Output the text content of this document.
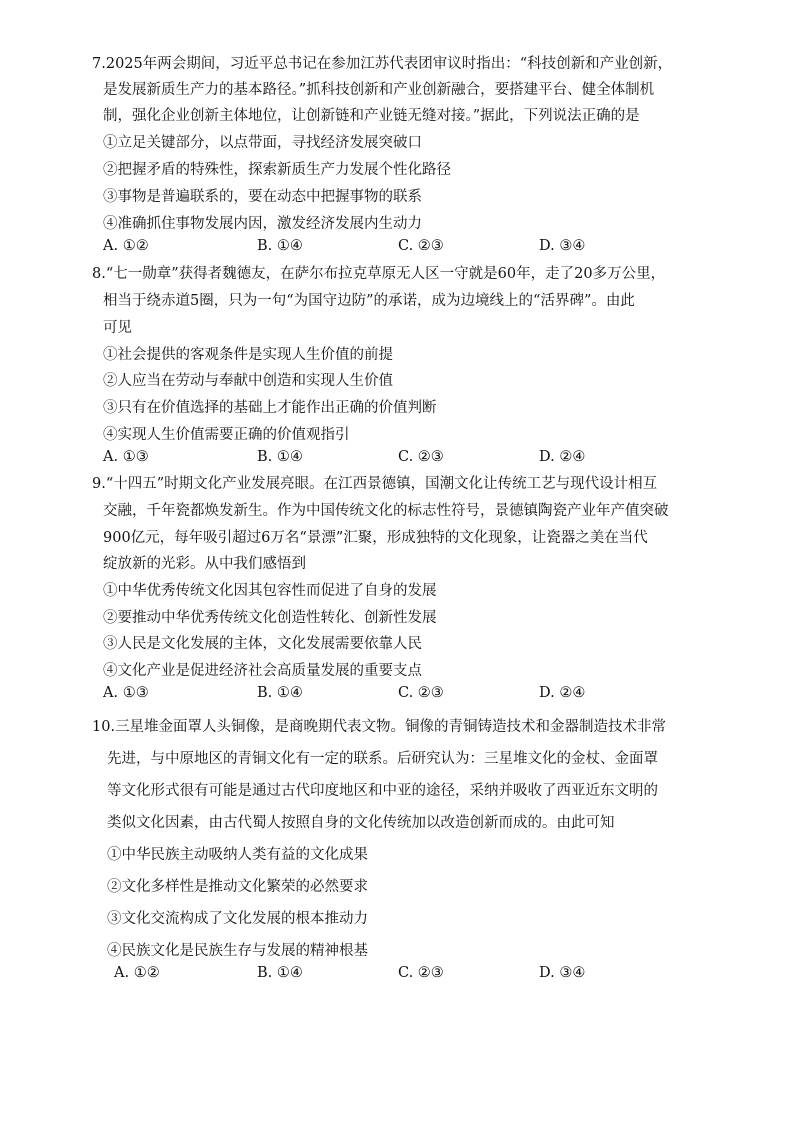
7.2025年两会期间，习近平总书记在参加江苏代表团审议时指出：“科技创新和产业创新，
是发展新质生产力的基本路径。”抓科技创新和产业创新融合，要搭建平台、健全体制机
制，强化企业创新主体地位，让创新链和产业链无缝对接。”据此，下列说法正确的是
①立足关键部分，以点带面，寻找经济发展突破口
②把握矛盾的特殊性，探索新质生产力发展个性化路径
③事物是普遍联系的，要在动态中把握事物的联系
④准确抓住事物发展内因，激发经济发展内生动力
A. ①②	B. ①④	C. ②③	D. ③④
8.“七一勋章”获得者魏德友，在萨尔布拉克草原无人区一守就是60年，走了20多万公里，
相当于绕赤道5圈，只为一句“为国守边防”的承诺，成为边境线上的“活界碑”。由此
可见
①社会提供的客观条件是实现人生价值的前提
②人应当在劳动与奉献中创造和实现人生价值
③只有在价值选择的基础上才能作出正确的价值判断
④实现人生价值需要正确的价值观指引
A. ①③	B. ①④	C. ②③	D. ②④
9.“十四五”时期文化产业发展亮眼。在江西景德镇，国潮文化让传统工艺与现代设计相互
交融，千年瓷都焕发新生。作为中国传统文化的标志性符号，景德镇陶瓷产业年产值突破
900亿元，每年吸引超过6万名“景漂”汇聚，形成独特的文化现象，让瓷器之美在当代
绽放新的光彩。从中我们感悟到
①中华优秀传统文化因其包容性而促进了自身的发展
②要推动中华优秀传统文化创造性转化、创新性发展
③人民是文化发展的主体，文化发展需要依靠人民
④文化产业是促进经济社会高质量发展的重要支点
A. ①③	B. ①④	C. ②③	D. ②④
10.三星堆金面罩人头铜像，是商晚期代表文物。铜像的青铜铸造技术和金器制造技术非常
先进，与中原地区的青铜文化有一定的联系。后研究认为：三星堆文化的金杖、金面罩
等文化形式很有可能是通过古代印度地区和中亚的途径，采纳并吸收了西亚近东文明的
类似文化因素，由古代蜀人按照自身的文化传统加以改造创新而成的。由此可知
①中华民族主动吸纳人类有益的文化成果
②文化多样性是推动文化繁荣的必然要求
③文化交流构成了文化发展的根本推动力
④民族文化是民族生存与发展的精神根基
A. ①②	B. ①④	C. ②③	D. ③④
